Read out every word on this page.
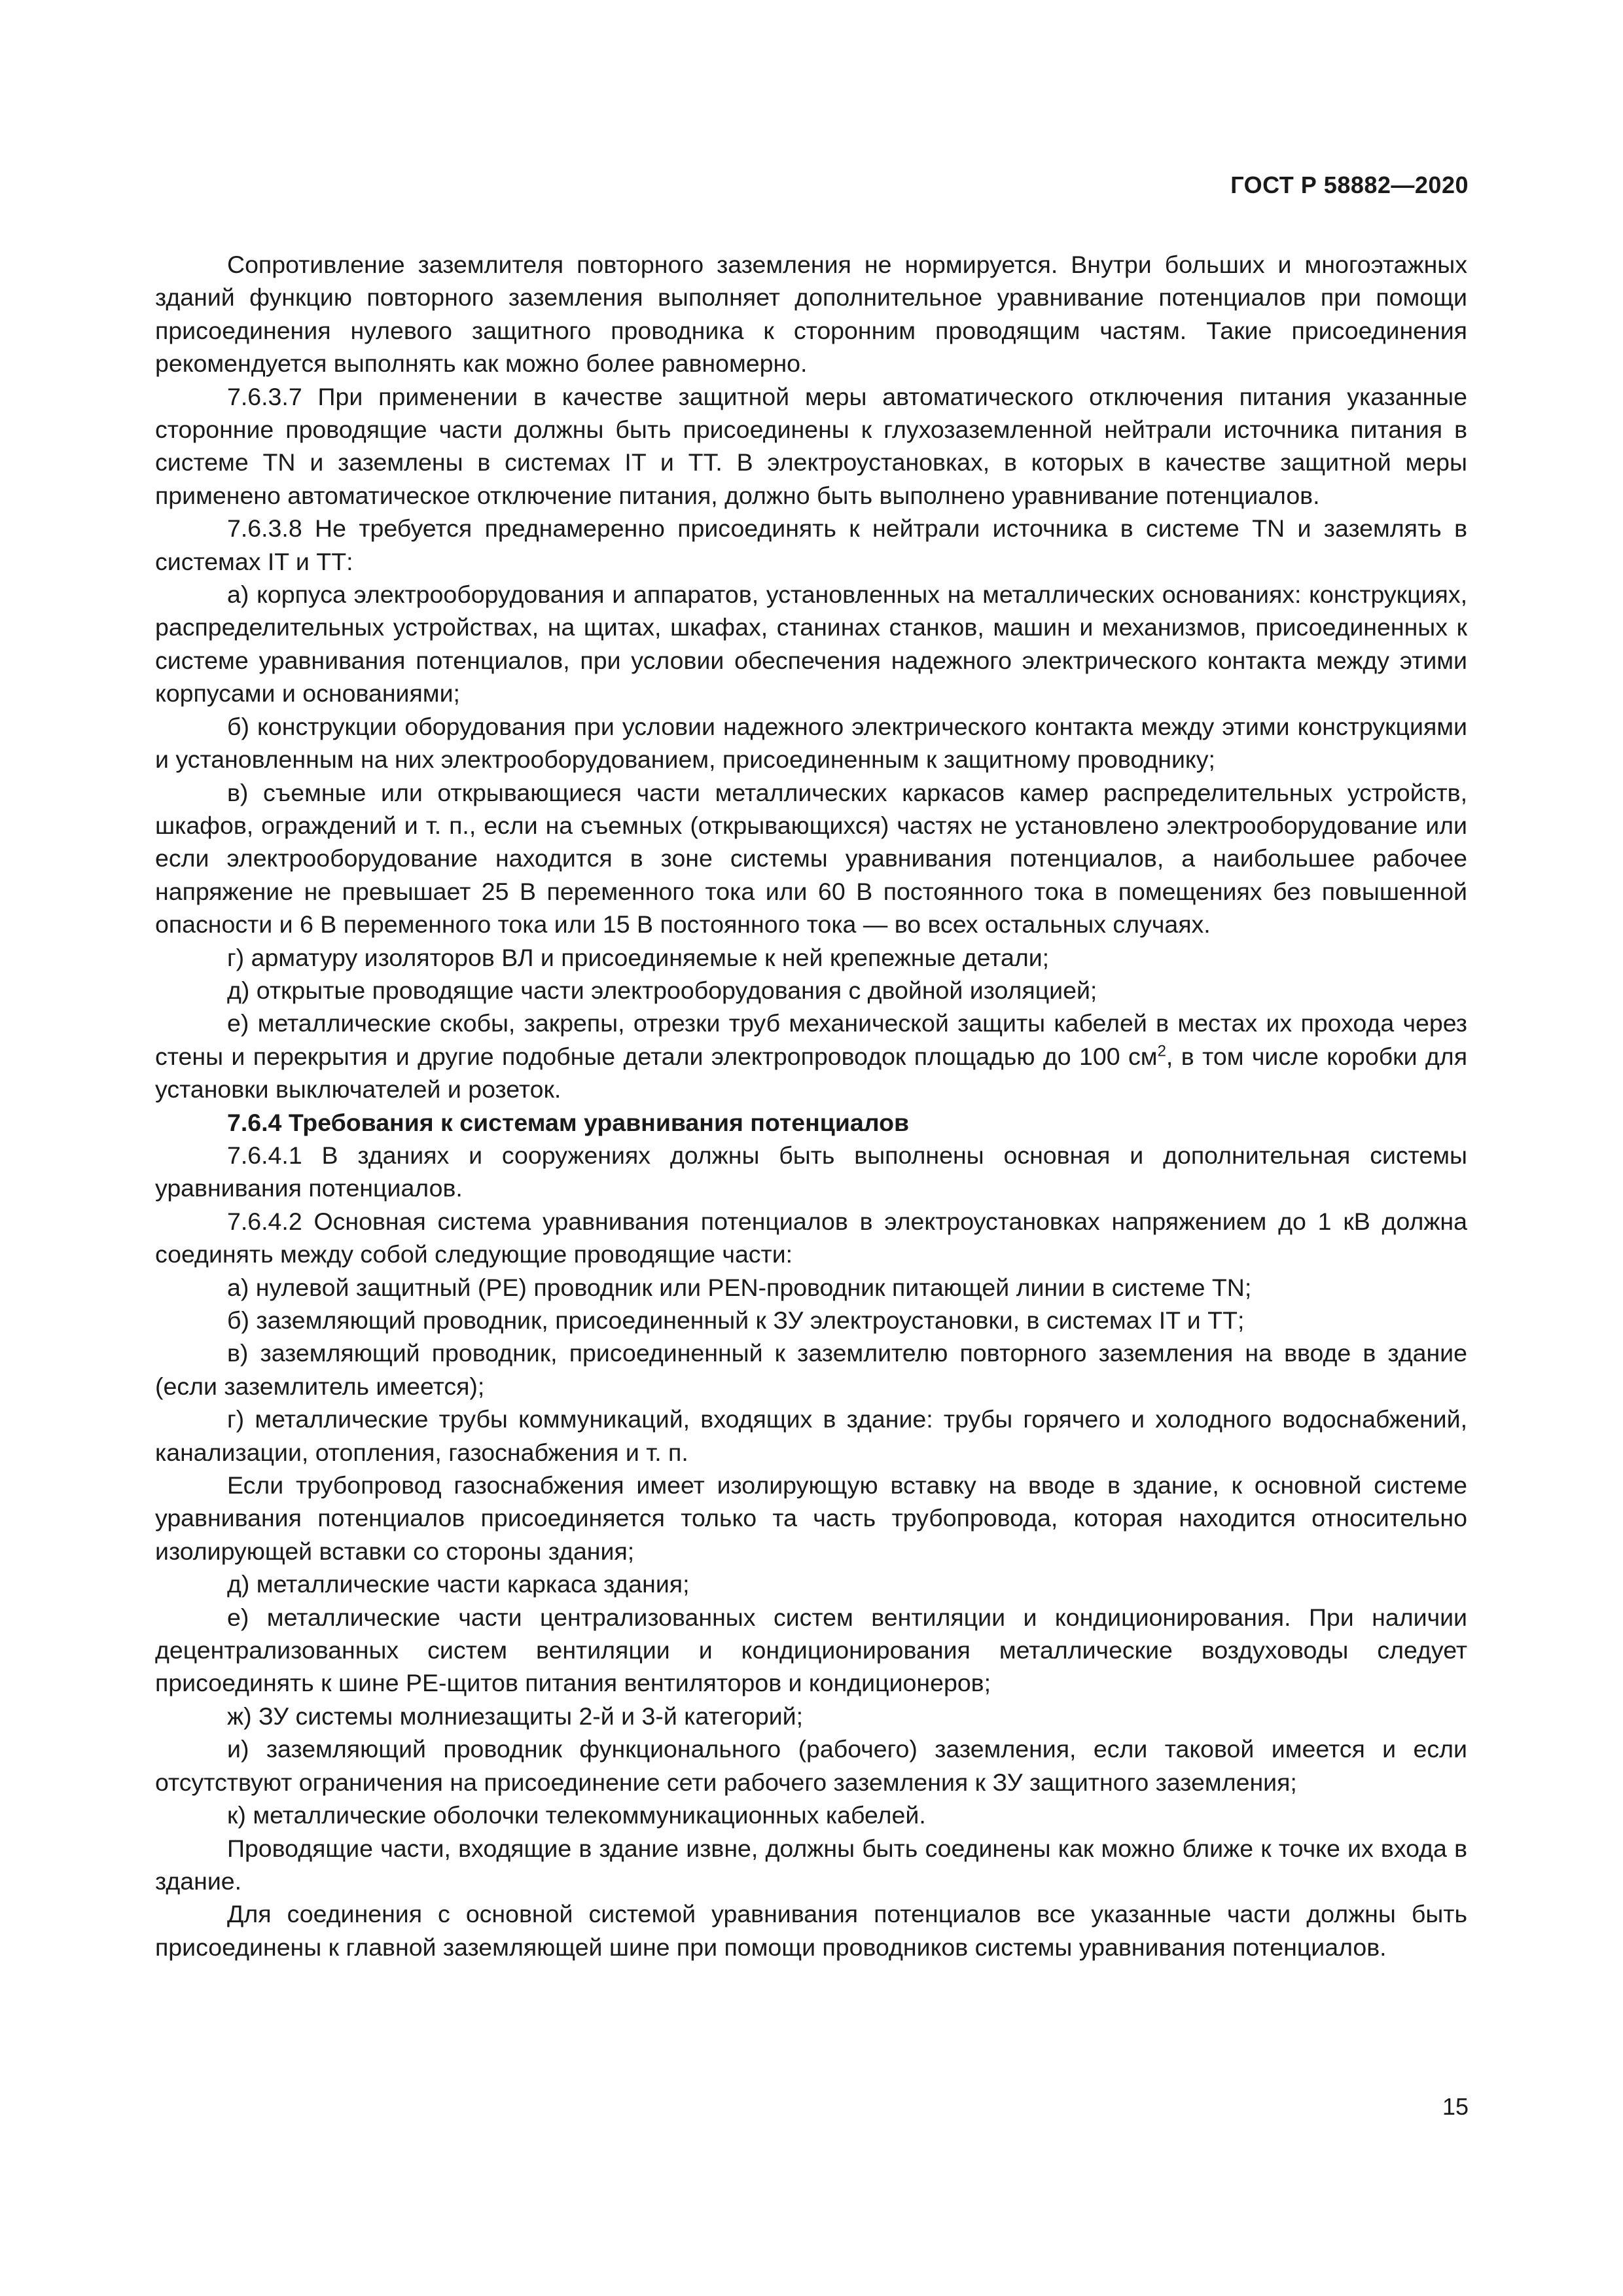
ГОСТ Р 58882—2020

Сопротивление заземлителя повторного заземления не нормируется. Внутри больших и многоэтажных зданий функцию повторного заземления выполняет дополнительное уравнивание потенциалов при помощи присоединения нулевого защитного проводника к сторонним проводящим частям. Такие присоединения рекомендуется выполнять как можно более равномерно.

7.6.3.7 При применении в качестве защитной меры автоматического отключения питания указанные сторонние проводящие части должны быть присоединены к глухозаземленной нейтрали источника питания в системе TN и заземлены в системах IT и ТТ. В электроустановках, в которых в качестве защитной меры применено автоматическое отключение питания, должно быть выполнено уравнивание потенциалов.

7.6.3.8 Не требуется преднамеренно присоединять к нейтрали источника в системе TN и заземлять в системах IT и ТТ:

а) корпуса электрооборудования и аппаратов, установленных на металлических основаниях: конструкциях, распределительных устройствах, на щитах, шкафах, станинах станков, машин и механизмов, присоединенных к системе уравнивания потенциалов, при условии обеспечения надежного электрического контакта между этими корпусами и основаниями;

б) конструкции оборудования при условии надежного электрического контакта между этими конструкциями и установленным на них электрооборудованием, присоединенным к защитному проводнику;

в) съемные или открывающиеся части металлических каркасов камер распределительных устройств, шкафов, ограждений и т. п., если на съемных (открывающихся) частях не установлено электрооборудование или если электрооборудование находится в зоне системы уравнивания потенциалов, а наибольшее рабочее напряжение не превышает 25 В переменного тока или 60 В постоянного тока в помещениях без повышенной опасности и 6 В переменного тока или 15 В постоянного тока — во всех остальных случаях.

г) арматуру изоляторов ВЛ и присоединяемые к ней крепежные детали;

д) открытые проводящие части электрооборудования с двойной изоляцией;

е) металлические скобы, закрепы, отрезки труб механической защиты кабелей в местах их прохода через стены и перекрытия и другие подобные детали электропроводок площадью до 100 $см^2$, в том числе коробки для установки выключателей и розеток.

7.6.4 Требования к системам уравнивания потенциалов

7.6.4.1 В зданиях и сооружениях должны быть выполнены основная и дополнительная системы уравнивания потенциалов.

7.6.4.2 Основная система уравнивания потенциалов в электроустановках напряжением до 1 кВ должна соединять между собой следующие проводящие части:

а) нулевой защитный (РЕ) проводник или PEN-проводник питающей линии в системе TN;

б) заземляющий проводник, присоединенный к ЗУ электроустановки, в системах IT и ТТ;

в) заземляющий проводник, присоединенный к заземлителю повторного заземления на вводе в здание (если заземлитель имеется);

г) металлические трубы коммуникаций, входящих в здание: трубы горячего и холодного водоснабжений, канализации, отопления, газоснабжения и т. п.

Если трубопровод газоснабжения имеет изолирующую вставку на вводе в здание, к основной системе уравнивания потенциалов присоединяется только та часть трубопровода, которая находится относительно изолирующей вставки со стороны здания;

д) металлические части каркаса здания;

е) металлические части централизованных систем вентиляции и кондиционирования. При наличии децентрализованных систем вентиляции и кондиционирования металлические воздуховоды следует присоединять к шине РЕ-щитов питания вентиляторов и кондиционеров;

ж) ЗУ системы молниезащиты 2-й и 3-й категорий;

и) заземляющий проводник функционального (рабочего) заземления, если таковой имеется и если отсутствуют ограничения на присоединение сети рабочего заземления к ЗУ защитного заземления;

к) металлические оболочки телекоммуникационных кабелей.

Проводящие части, входящие в здание извне, должны быть соединены как можно ближе к точке их входа в здание.

Для соединения с основной системой уравнивания потенциалов все указанные части должны быть присоединены к главной заземляющей шине при помощи проводников системы уравнивания потенциалов.

15
